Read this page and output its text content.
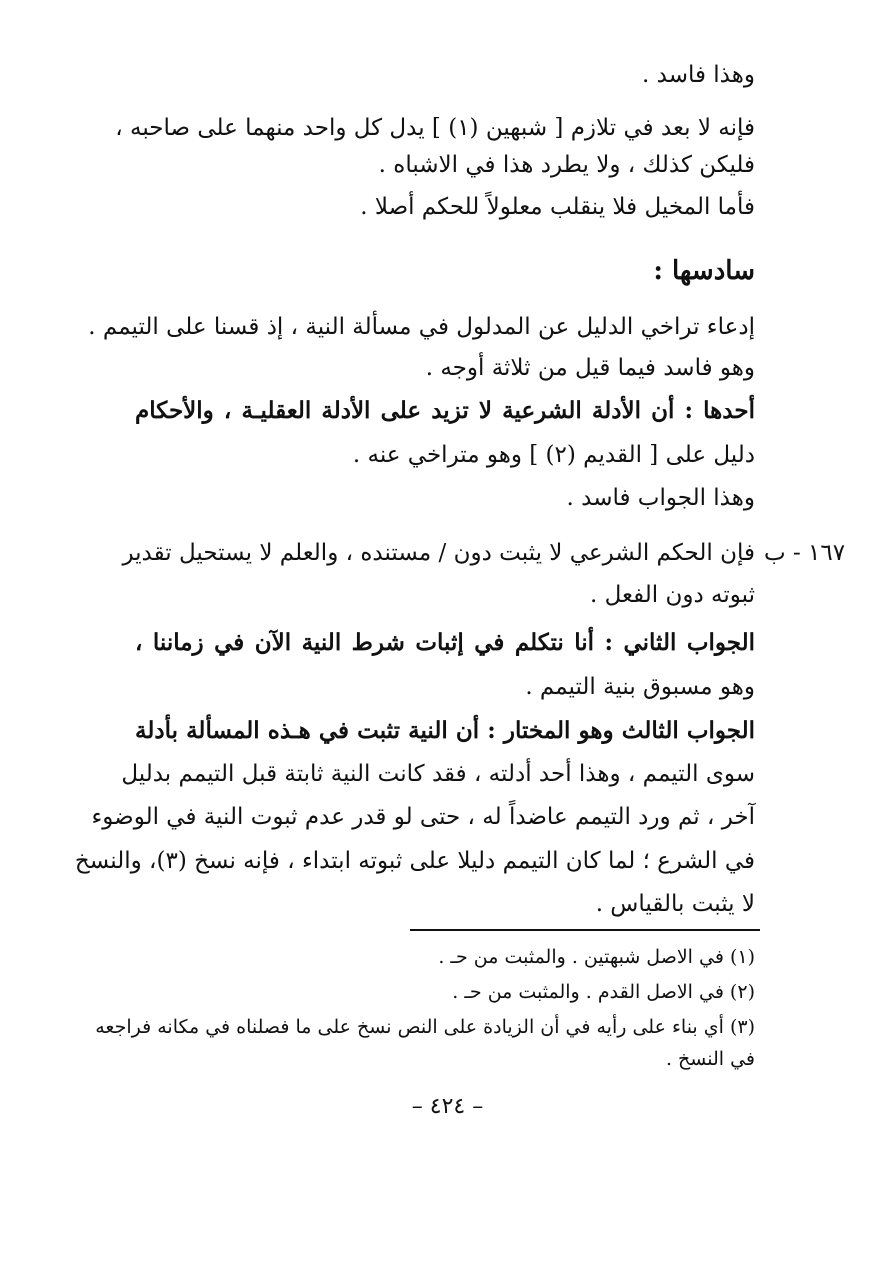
وهذا فاسد .
فإنه لا بعد في تلازم [ شبهين (١) ] يدل كل واحد منهما على صاحبه ،
فليكن كذلك ، ولا يطرد هذا في الاشباه .
فأما المخيل فلا ينقلب معلولاً للحكم أصلا .
سادسها :
إدعاء تراخي الدليل عن المدلول في مسألة النية ، إذ قسنا على التيمم .
وهو فاسد فيما قيل من ثلاثة أوجه .
أحدها : أن الأدلة الشرعية لا تزيد على الأدلة العقليـة ، والأحكام
دليل على [ القديم (٢) ] وهو متراخي عنه .
وهذا الجواب فاسد .
١٦٧ - ب
فإن الحكم الشرعي لا يثبت دون / مستنده ، والعلم لا يستحيل تقدير
ثبوته دون الفعل .
الجواب الثاني : أنا نتكلم في إثبات شرط النية الآن في زماننا ،
وهو مسبوق بنية التيمم .
الجواب الثالث وهو المختار : أن النية تثبت في هـذه المسألة بأدلة
سوى التيمم ، وهذا أحد أدلته ، فقد كانت النية ثابتة قبل التيمم بدليل
آخر ، ثم ورد التيمم عاضداً له ، حتى لو قدر عدم ثبوت النية في الوضوء
في الشرع ؛ لما كان التيمم دليلا على ثبوته ابتداء ، فإنه نسخ (٣)، والنسخ
لا يثبت بالقياس .
(١) في الاصل شبهتين . والمثبت من حـ .
(٢) في الاصل القدم . والمثبت من حـ .
(٣) أي بناء على رأيه في أن الزيادة على النص نسخ على ما فصلناه في مكانه فراجعه
في النسخ .
– ٤٢٤ –
